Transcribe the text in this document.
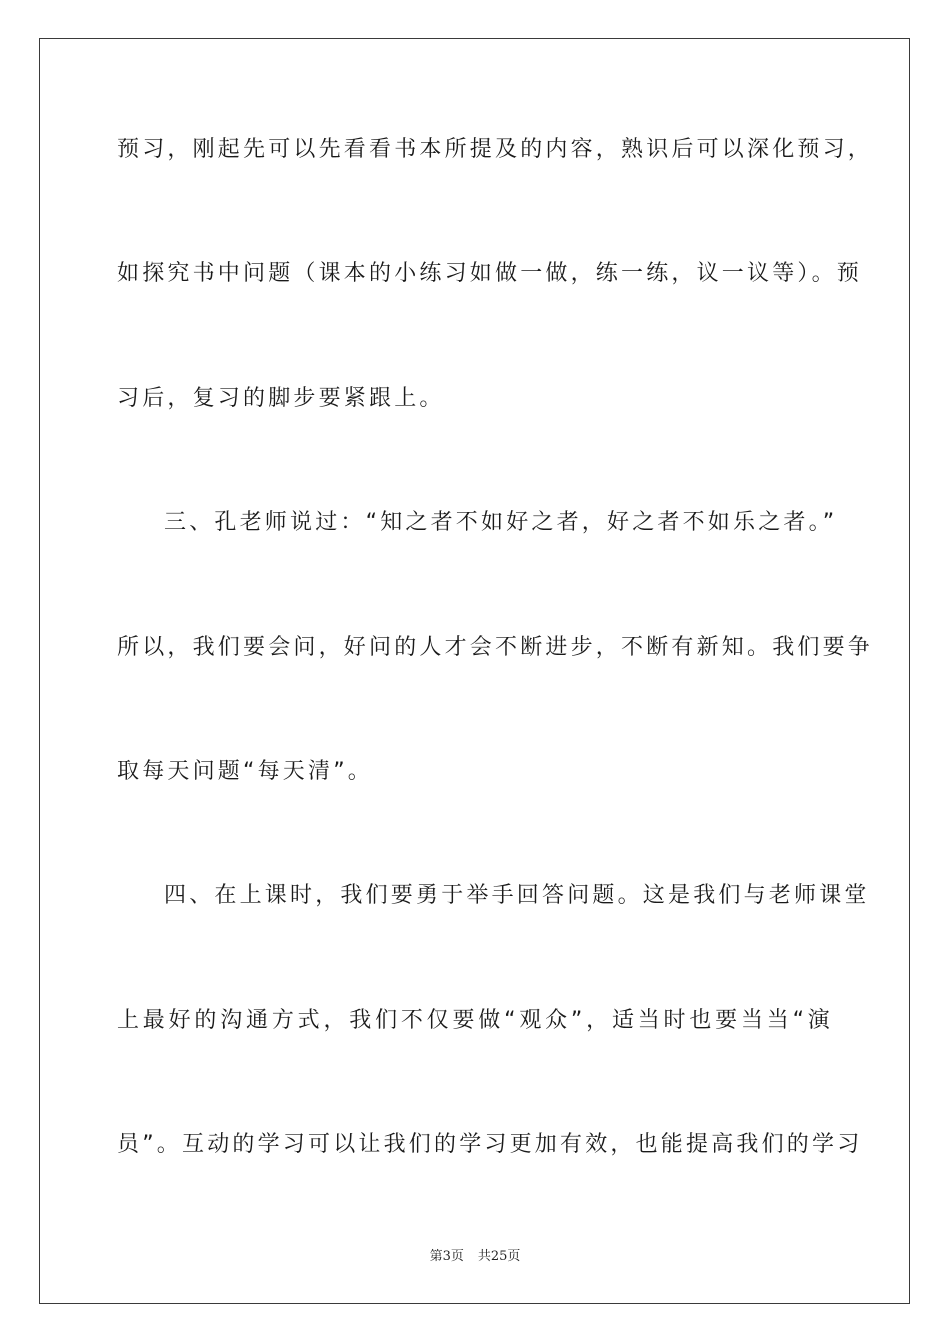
预习，刚起先可以先看看书本所提及的内容，熟识后可以深化预习，
如探究书中问题（课本的小练习如做一做，练一练，议一议等）。预
习后，复习的脚步要紧跟上。
三、孔老师说过：“知之者不如好之者，好之者不如乐之者。”
所以，我们要会问，好问的人才会不断进步，不断有新知。我们要争
取每天问题“每天清”。
四、在上课时，我们要勇于举手回答问题。这是我们与老师课堂
上最好的沟通方式，我们不仅要做“观众”，适当时也要当当“演
员”。互动的学习可以让我们的学习更加有效，也能提高我们的学习
第3页 共25页
